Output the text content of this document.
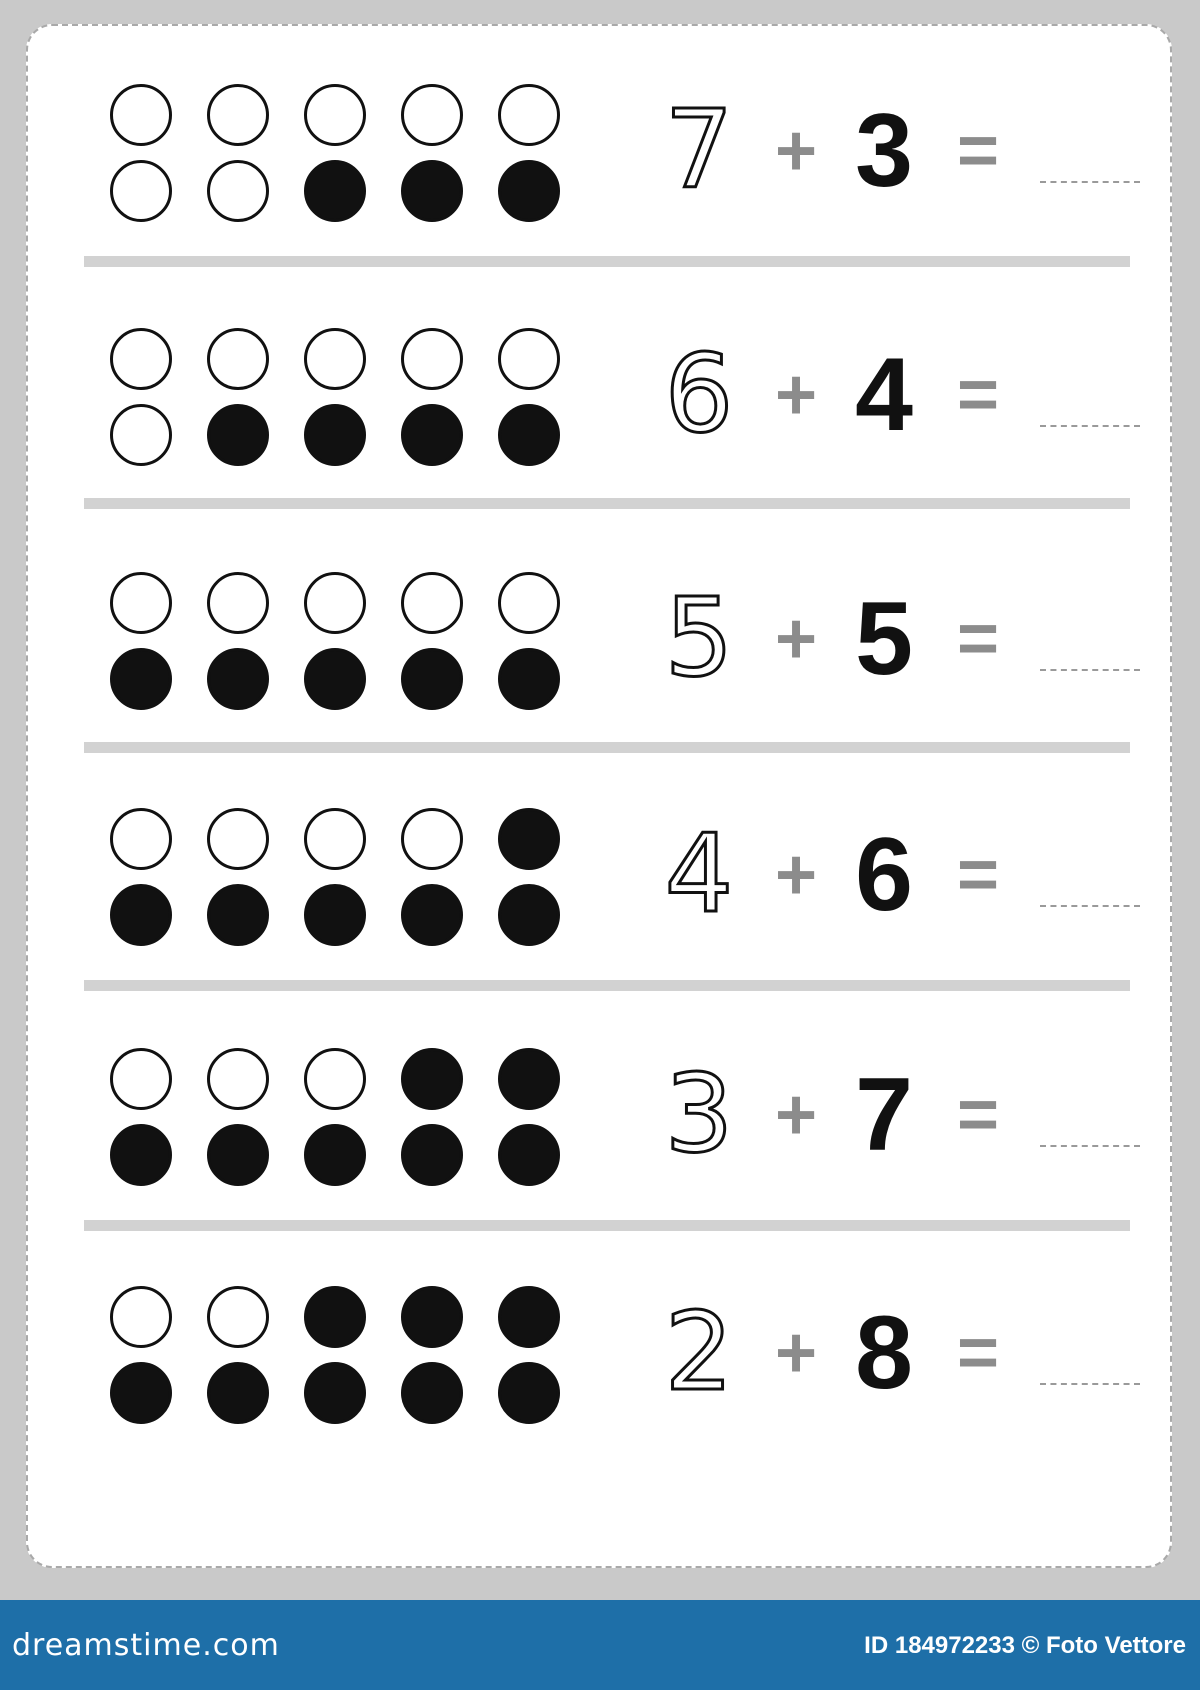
7 + 3 =
6 + 4 =
5 + 5 =
4 + 6 =
3 + 7 =
2 + 8 =
dreamstime.com	ID 184972233 © Foto Vettore
